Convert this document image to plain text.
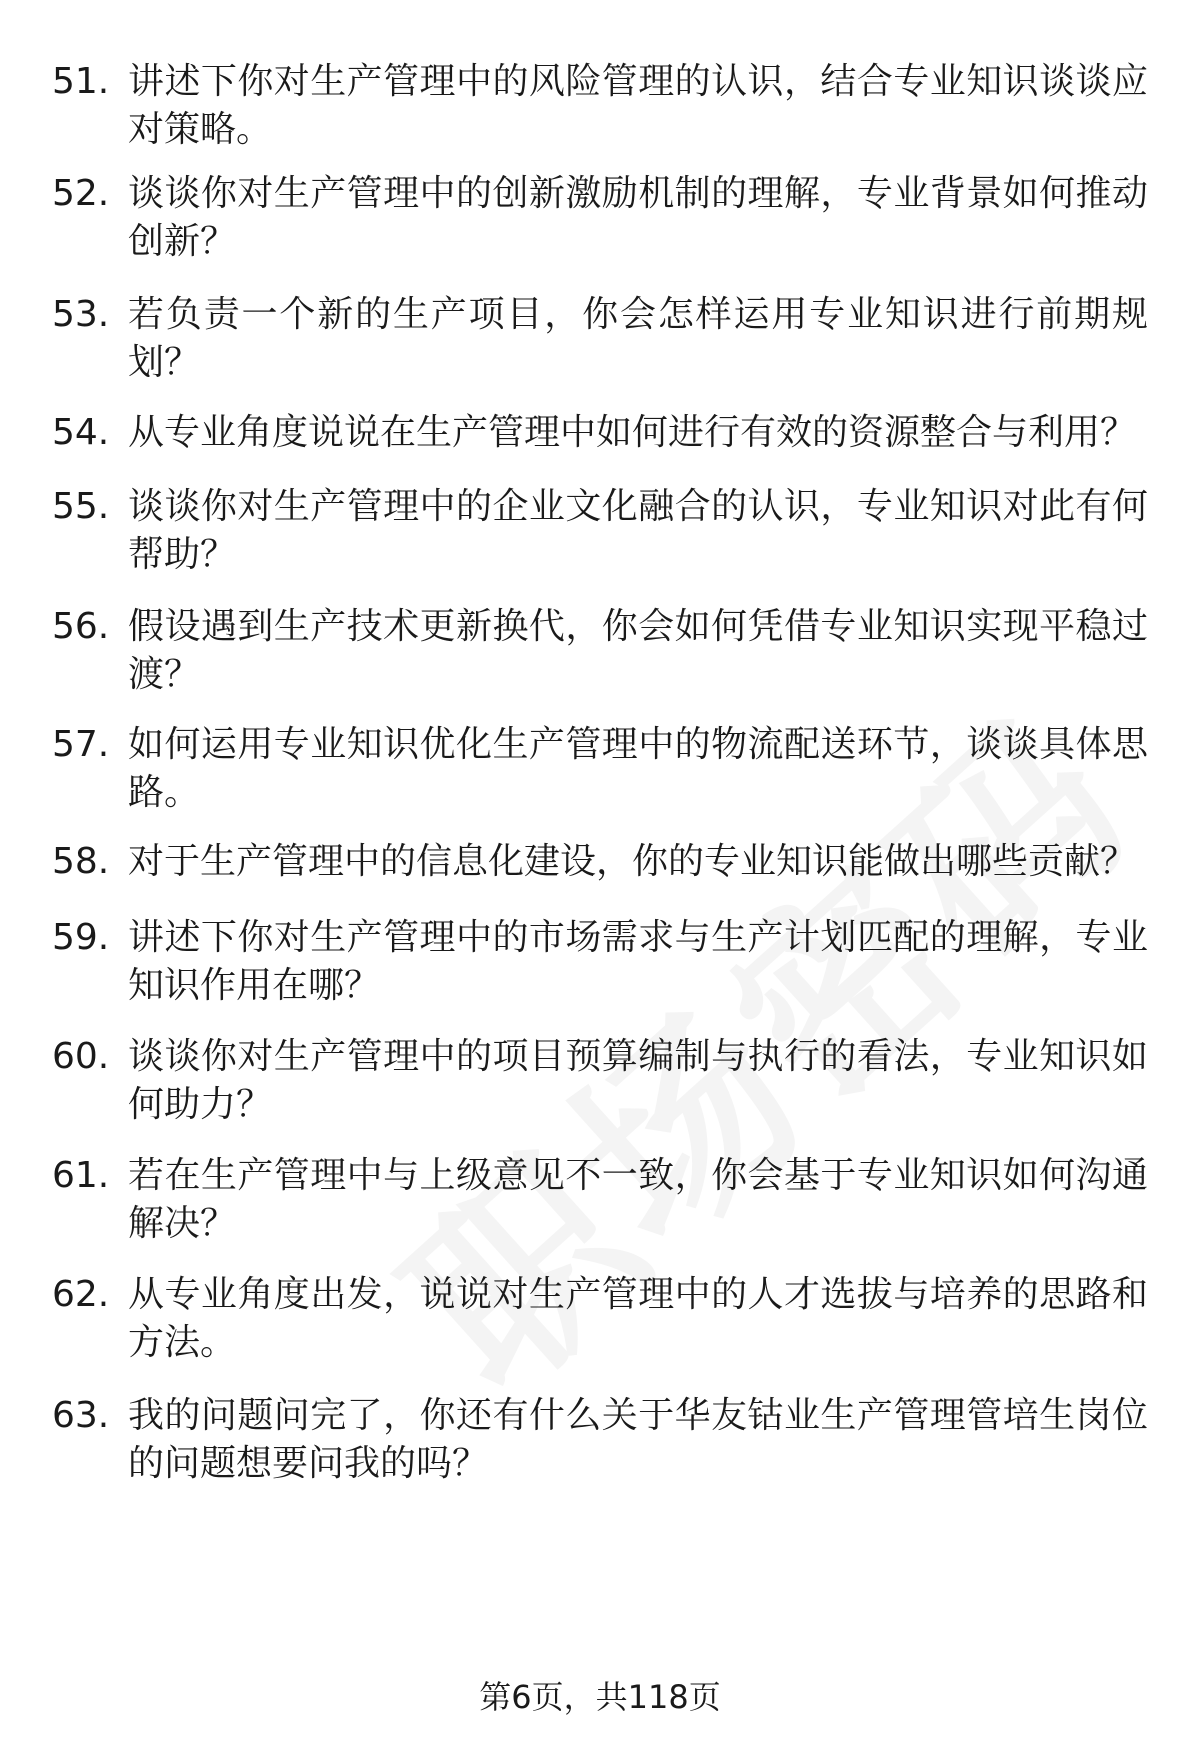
51. 讲述下你对生产管理中的风险管理的认识，结合专业知识谈谈应对策略。
52. 谈谈你对生产管理中的创新激励机制的理解，专业背景如何推动创新？
53. 若负责一个新的生产项目，你会怎样运用专业知识进行前期规划？
54. 从专业角度说说在生产管理中如何进行有效的资源整合与利用？
55. 谈谈你对生产管理中的企业文化融合的认识，专业知识对此有何帮助？
56. 假设遇到生产技术更新换代，你会如何凭借专业知识实现平稳过渡？
57. 如何运用专业知识优化生产管理中的物流配送环节，谈谈具体思路。
58. 对于生产管理中的信息化建设，你的专业知识能做出哪些贡献？
59. 讲述下你对生产管理中的市场需求与生产计划匹配的理解，专业知识作用在哪？
60. 谈谈你对生产管理中的项目预算编制与执行的看法，专业知识如何助力？
61. 若在生产管理中与上级意见不一致，你会基于专业知识如何沟通解决？
62. 从专业角度出发，说说对生产管理中的人才选拔与培养的思路和方法。
63. 我的问题问完了，你还有什么关于华友钴业生产管理管培生岗位的问题想要问我的吗？
第6页，共118页
